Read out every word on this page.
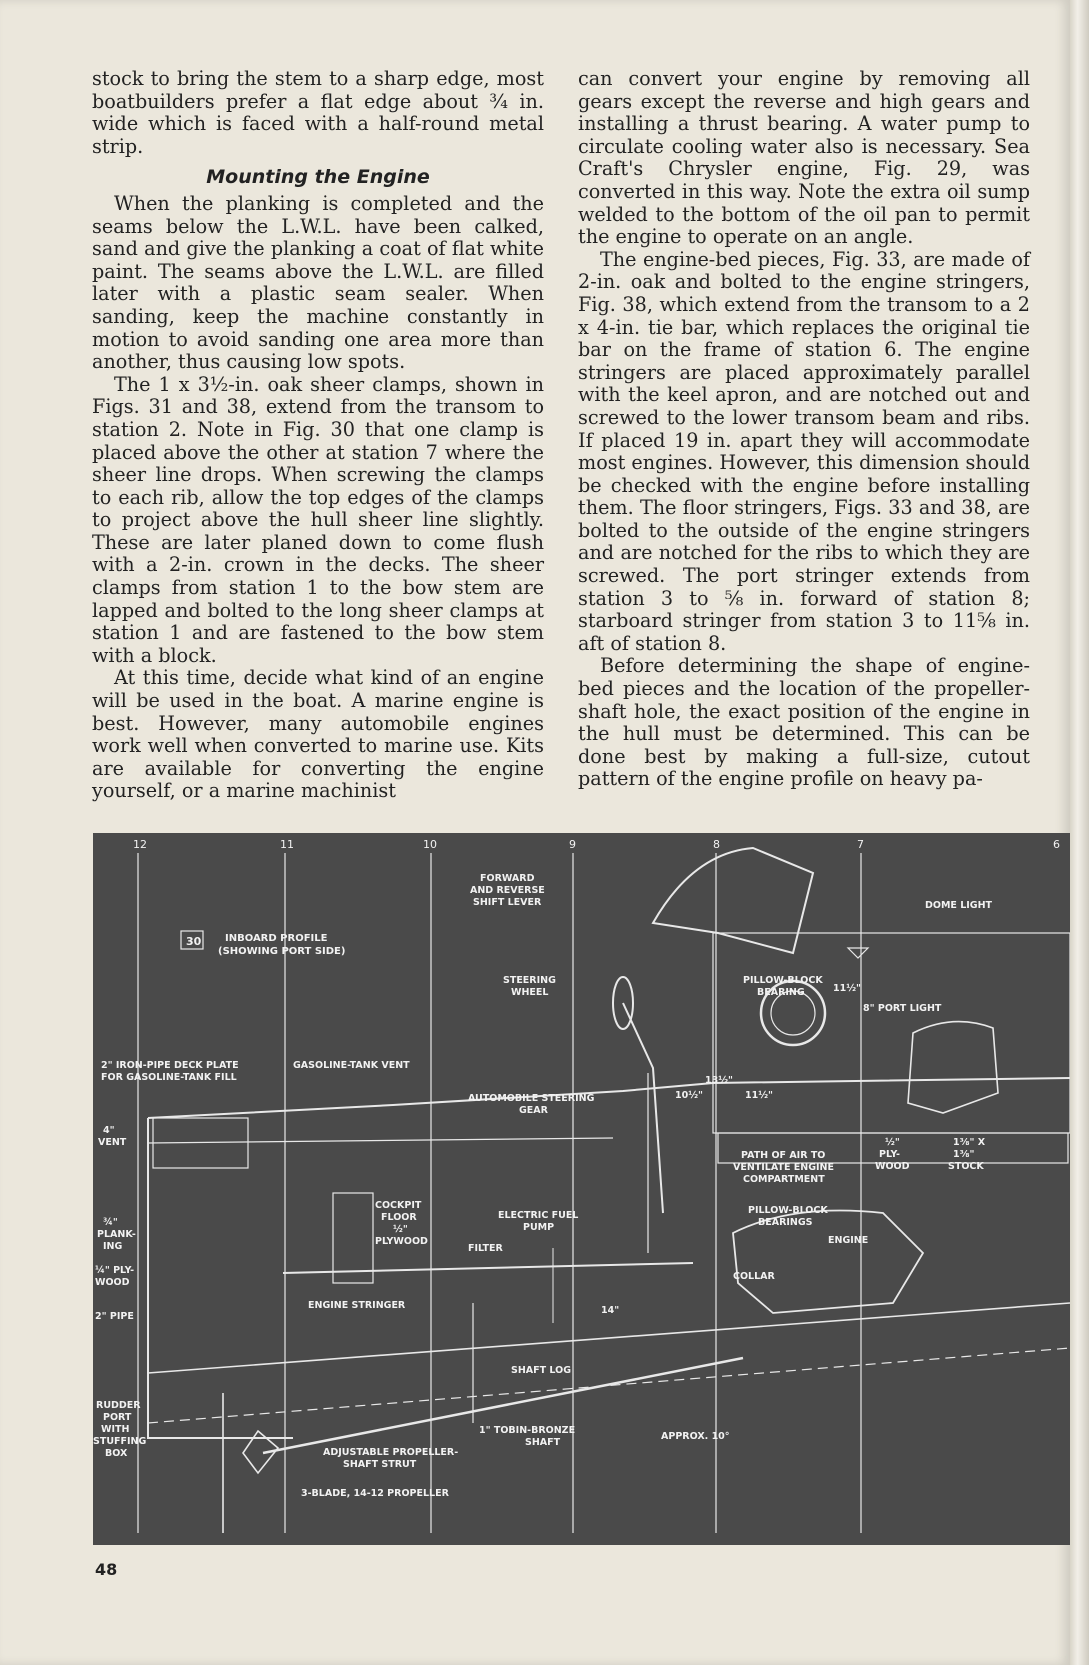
stock to bring the stem to a sharp edge, most boatbuilders prefer a flat edge about ¾ in. wide which is faced with a half-round metal strip.

Mounting the Engine

When the planking is completed and the seams below the L.W.L. have been calked, sand and give the planking a coat of flat white paint. The seams above the L.W.L. are filled later with a plastic seam sealer. When sanding, keep the machine constantly in motion to avoid sanding one area more than another, thus causing low spots.

The 1 x 3½-in. oak sheer clamps, shown in Figs. 31 and 38, extend from the transom to station 2. Note in Fig. 30 that one clamp is placed above the other at station 7 where the sheer line drops. When screwing the clamps to each rib, allow the top edges of the clamps to project above the hull sheer line slightly. These are later planed down to come flush with a 2-in. crown in the decks. The sheer clamps from station 1 to the bow stem are lapped and bolted to the long sheer clamps at station 1 and are fastened to the bow stem with a block.

At this time, decide what kind of an engine will be used in the boat. A marine engine is best. However, many automobile engines work well when converted to marine use. Kits are available for converting the engine yourself, or a marine machinist

can convert your engine by removing all gears except the reverse and high gears and installing a thrust bearing. A water pump to circulate cooling water also is necessary. Sea Craft's Chrysler engine, Fig. 29, was converted in this way. Note the extra oil sump welded to the bottom of the oil pan to permit the engine to operate on an angle.

The engine-bed pieces, Fig. 33, are made of 2-in. oak and bolted to the engine stringers, Fig. 38, which extend from the transom to a 2 x 4-in. tie bar, which replaces the original tie bar on the frame of station 6. The engine stringers are placed approximately parallel with the keel apron, and are notched out and screwed to the lower transom beam and ribs. If placed 19 in. apart they will accommodate most engines. However, this dimension should be checked with the engine before installing them. The floor stringers, Figs. 33 and 38, are bolted to the outside of the engine stringers and are notched for the ribs to which they are screwed. The port stringer extends from station 3 to ⅝ in. forward of station 8; starboard stringer from station 3 to 11⅝ in. aft of station 8.

Before determining the shape of engine-bed pieces and the location of the propeller-shaft hole, the exact position of the engine in the hull must be determined. This can be done best by making a full-size, cutout pattern of the engine profile on heavy pa-

12	11	10	9	8	7	6
30 INBOARD PROFILE
(SHOWING PORT SIDE)
FORWARD
AND REVERSE
SHIFT LEVER	DOME LIGHT
STEERING
WHEEL
PILLOW-BLOCK
BEARING	11½"
8" PORT LIGHT
2" IRON-PIPE DECK PLATE
FOR GASOLINE-TANK FILL
GASOLINE-TANK VENT
AUTOMOBILE STEERING
GEAR
10½"	11½"
13½"
4"
VENT
PATH OF AIR TO
VENTILATE ENGINE
COMPARTMENT
½"
PLY-
WOOD
1⅜" X
1⅜"
STOCK
¾"
PLANK-
ING
COCKPIT
FLOOR
½"
PLYWOOD
ELECTRIC FUEL
PUMP
PILLOW-BLOCK
BEARINGS
ENGINE
FILTER
¼" PLY-
WOOD
COLLAR
2" PIPE
ENGINE STRINGER	14"
SHAFT LOG
RUDDER
PORT
WITH
STUFFING
BOX
1" TOBIN-BRONZE
SHAFT
APPROX. 10°
ADJUSTABLE PROPELLER-
SHAFT STRUT
3-BLADE, 14-12 PROPELLER
48
